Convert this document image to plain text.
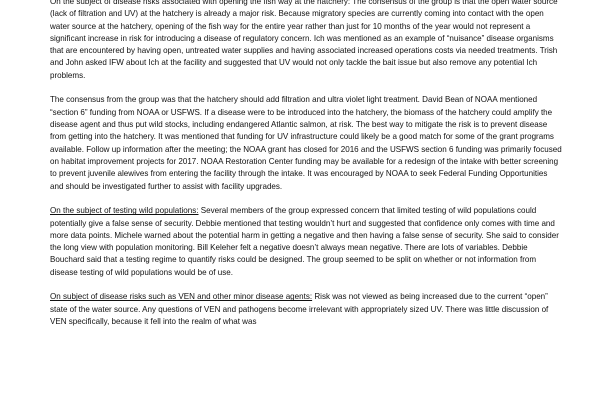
On the subject of disease risks associated with opening the fish way at the hatchery: The consensus of the group is that the open water source (lack of filtration and UV) at the hatchery is already a major risk. Because migratory species are currently coming into contact with the open water source at the hatchery, opening of the fish way for the entire year rather than just for 10 months of the year would not represent a significant increase in risk for introducing a disease of regulatory concern. Ich was mentioned as an example of “nuisance” disease organisms that are encountered by having open, untreated water supplies and having associated increased operations costs via needed treatments. Trish and John asked IFW about Ich at the facility and suggested that UV would not only tackle the bait issue but also remove any potential Ich problems.

The consensus from the group was that the hatchery should add filtration and ultra violet light treatment. David Bean of NOAA mentioned “section 6” funding from NOAA or USFWS. If a disease were to be introduced into the hatchery, the biomass of the hatchery could amplify the disease agent and thus put wild stocks, including endangered Atlantic salmon, at risk. The best way to mitigate the risk is to prevent disease from getting into the hatchery. It was mentioned that funding for UV infrastructure could likely be a good match for some of the grant programs available. Follow up information after the meeting; the NOAA grant has closed for 2016 and the USFWS section 6 funding was primarily focused on habitat improvement projects for 2017. NOAA Restoration Center funding may be available for a redesign of the intake with better screening to prevent juvenile alewives from entering the facility through the intake. It was encouraged by NOAA to seek Federal Funding Opportunities and should be investigated further to assist with facility upgrades.

On the subject of testing wild populations: Several members of the group expressed concern that limited testing of wild populations could potentially give a false sense of security. Debbie mentioned that testing wouldn’t hurt and suggested that confidence only comes with time and more data points. Michele warned about the potential harm in getting a negative and then having a false sense of security. She said to consider the long view with population monitoring. Bill Keleher felt a negative doesn’t always mean negative. There are lots of variables. Debbie Bouchard said that a testing regime to quantify risks could be designed. The group seemed to be split on whether or not information from disease testing of wild populations would be of use.

On subject of disease risks such as VEN and other minor disease agents: Risk was not viewed as being increased due to the current “open” state of the water source. Any questions of VEN and pathogens become irrelevant with appropriately sized UV. There was little discussion of VEN specifically, because it fell into the realm of what was
